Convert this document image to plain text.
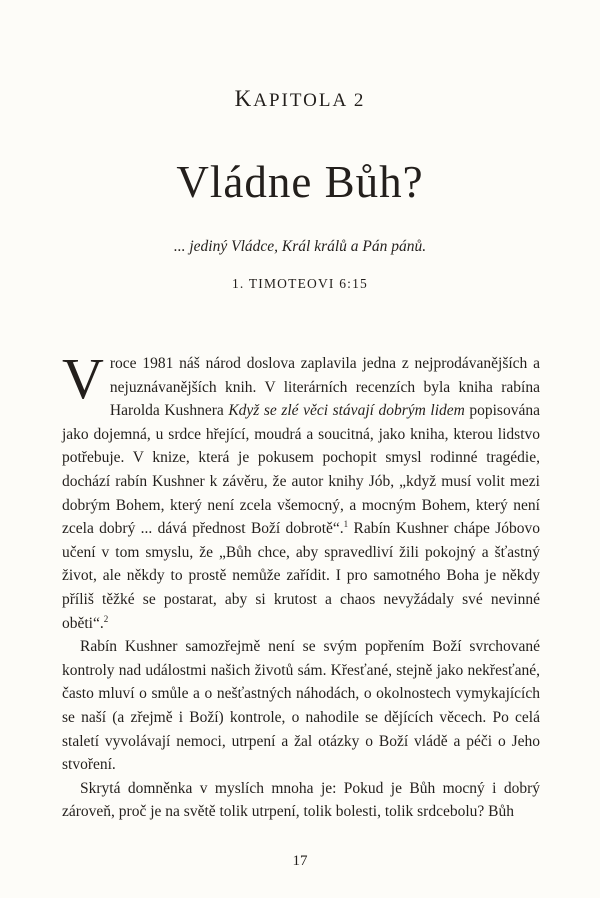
KAPITOLA 2
Vládne Bůh?
... jediný Vládce, Král králů a Pán pánů.
1. TIMOTEOVI 6:15

V roce 1981 náš národ doslova zaplavila jedna z nejprodávanějších a nejuznávanějších knih. V literárních recenzích byla kniha rabína Harolda Kushnera Když se zlé věci stávají dobrým lidem popisována jako dojemná, u srdce hřející, moudrá a soucitná, jako kniha, kterou lidstvo potřebuje. V knize, která je pokusem pochopit smysl rodinné tragédie, dochází rabín Kushner k závěru, že autor knihy Jób, „když musí volit mezi dobrým Bohem, který není zcela všemocný, a mocným Bohem, který není zcela dobrý ... dává přednost Boží dobrotě“.$^1$ Rabín Kushner chápe Jóbovo učení v tom smyslu, že „Bůh chce, aby spravedliví žili pokojný a šťastný život, ale někdy to prostě nemůže zařídit. I pro samotného Boha je někdy příliš těžké se postarat, aby si krutost a chaos nevyžádaly své nevinné oběti“.$^2$

Rabín Kushner samozřejmě není se svým popřením Boží svrchované kontroly nad událostmi našich životů sám. Křesťané, stejně jako nekřesťané, často mluví o smůle a o nešťastných náhodách, o okolnostech vymykajících se naší (a zřejmě i Boží) kontrole, o nahodile se dějících věcech. Po celá staletí vyvolávají nemoci, utrpení a žal otázky o Boží vládě a péči o Jeho stvoření.

Skrytá domněnka v myslích mnoha je: Pokud je Bůh mocný i dobrý zároveň, proč je na světě tolik utrpení, tolik bolesti, tolik srdcebolu? Bůh

17
